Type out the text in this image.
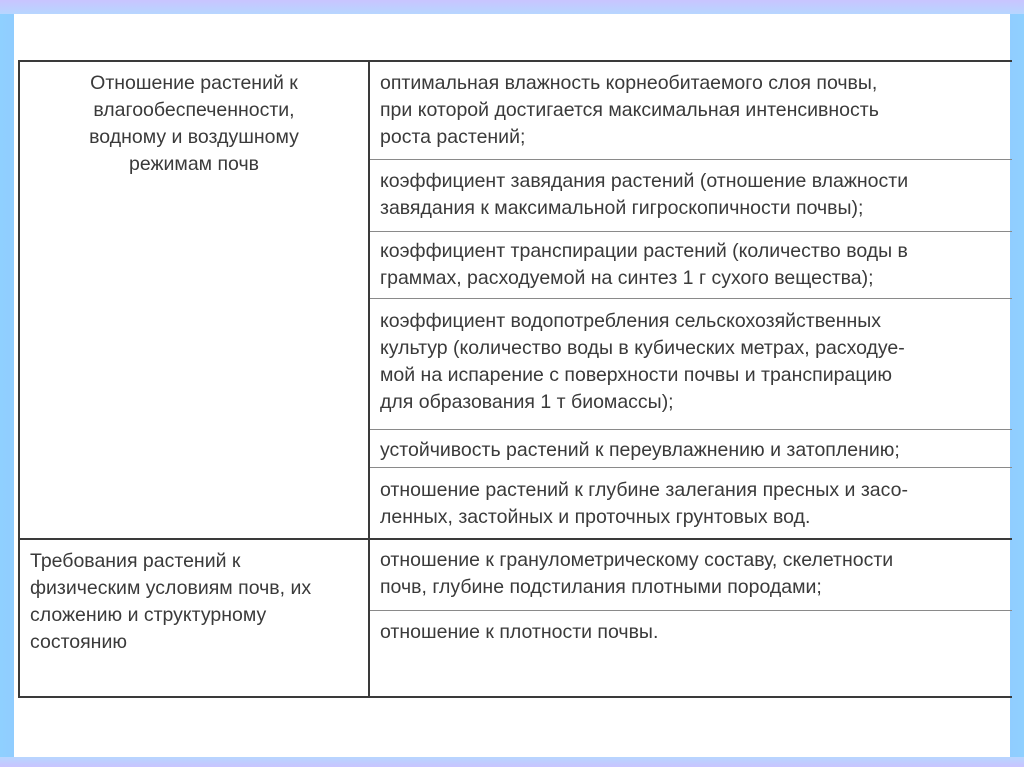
Отношение растений к
влагообеспеченности,
водному и воздушному
режимам почв
Требования растений к
физическим условиям почв, их
сложению и структурному
состоянию
оптимальная влажность корнеобитаемого слоя почвы,
при которой достигается максимальная интенсивность
роста растений;
коэффициент завядания растений (отношение влажности
завядания к максимальной гигроскопичности почвы);
коэффициент транспирации растений (количество воды в
граммах, расходуемой на синтез 1 г сухого вещества);
коэффициент водопотребления сельскохозяйственных
культур (количество воды в кубических метрах, расходуе-
мой на испарение с поверхности почвы и транспирацию
для образования 1 т биомассы);
устойчивость растений к переувлажнению и затоплению;
отношение растений к глубине залегания пресных и засо-
ленных, застойных и проточных грунтовых вод.
отношение к гранулометрическому составу, скелетности
почв, глубине подстилания плотными породами;
отношение к плотности почвы.
